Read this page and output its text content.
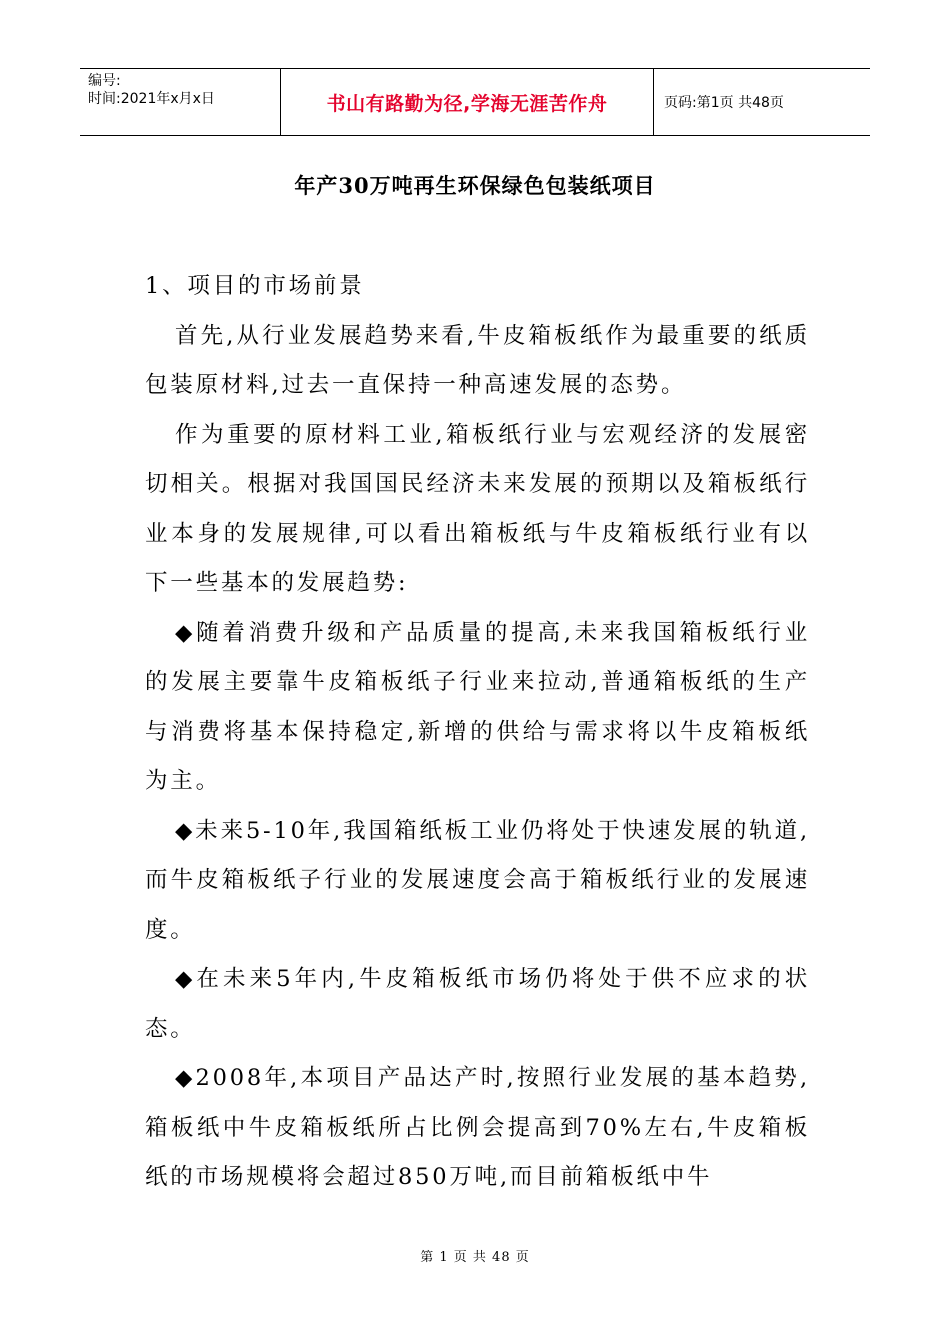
编号:
时间:2021年x月x日	书山有路勤为径,学海无涯苦作舟	页码:第1页 共48页
年产30万吨再生环保绿色包装纸项目

1、项目的市场前景

首先,从行业发展趋势来看,牛皮箱板纸作为最重要的纸质包装原材料,过去一直保持一种高速发展的态势。

作为重要的原材料工业,箱板纸行业与宏观经济的发展密切相关。根据对我国国民经济未来发展的预期以及箱板纸行业本身的发展规律,可以看出箱板纸与牛皮箱板纸行业有以下一些基本的发展趋势:

◆随着消费升级和产品质量的提高,未来我国箱板纸行业的发展主要靠牛皮箱板纸子行业来拉动,普通箱板纸的生产与消费将基本保持稳定,新增的供给与需求将以牛皮箱板纸为主。

◆未来5-10年,我国箱纸板工业仍将处于快速发展的轨道,而牛皮箱板纸子行业的发展速度会高于箱板纸行业的发展速度。

◆在未来5年内,牛皮箱板纸市场仍将处于供不应求的状态。

◆2008年,本项目产品达产时,按照行业发展的基本趋势,箱板纸中牛皮箱板纸所占比例会提高到70%左右,牛皮箱板纸的市场规模将会超过850万吨,而目前箱板纸中牛

第 1 页 共 48 页
